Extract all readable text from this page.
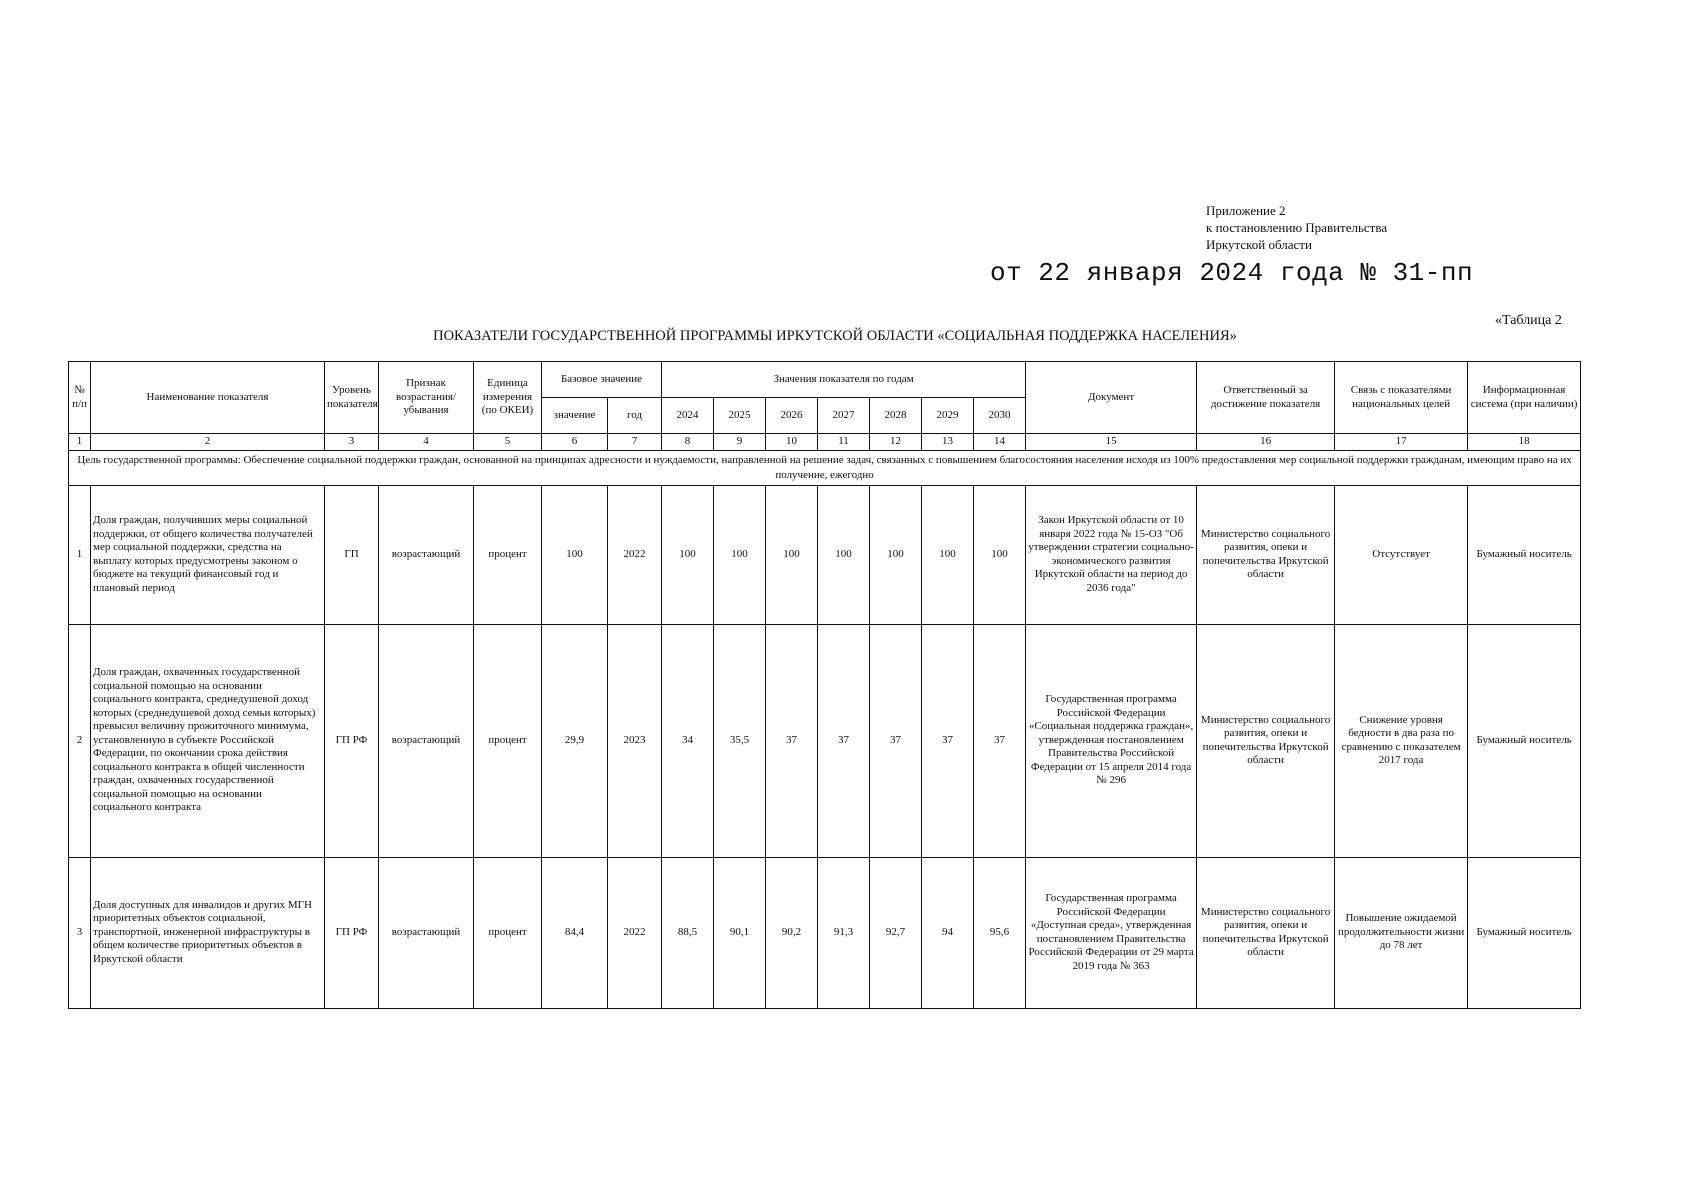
Приложение 2
к постановлению Правительства
Иркутской области
от 22 января 2024 года № 31-пп
«Таблица 2
ПОКАЗАТЕЛИ ГОСУДАРСТВЕННОЙ ПРОГРАММЫ ИРКУТСКОЙ ОБЛАСТИ «СОЦИАЛЬНАЯ ПОДДЕРЖКА НАСЕЛЕНИЯ»
№ п/п	Наименование показателя	Уровень показателя	Признак возрастания/убывания	Единица измерения (по ОКЕИ)	Базовое значение		Значения показателя по годам							Документ	Ответственный за достижение показателя	Связь с показателями национальных целей	Информационная система (при наличии)
					значение	год	2024	2025	2026	2027	2028	2029	2030				
1	2	3	4	5	6	7	8	9	10	11	12	13	14	15	16	17	18
Цель государственной программы: Обеспечение социальной поддержки граждан, основанной на принципах адресности и нуждаемости, направленной на решение задач, связанных с повышением благосостояния населения исходя из 100% предоставления мер социальной поддержки гражданам, имеющим право на их получение, ежегодно																	
1	Доля граждан, получивших меры социальной поддержки, от общего количества получателей мер социальной поддержки, средства на выплату которых предусмотрены законом о бюджете на текущий финансовый год и плановый период	ГП	возрастающий	процент	100	2022	100	100	100	100	100	100	100	Закон Иркутской области от 10 января 2022 года № 15-ОЗ "Об утверждении стратегии социально-экономического развития Иркутской области на период до 2036 года"	Министерство социального развития, опеки и попечительства Иркутской области	Отсутствует	Бумажный носитель
2	Доля граждан, охваченных государственной социальной помощью на основании социального контракта, среднедушевой доход которых (среднедушевой доход семьи которых) превысил величину прожиточного минимума, установленную в субъекте Российской Федерации, по окончании срока действия социального контракта в общей численности граждан, охваченных государственной социальной помощью на основании социального контракта	ГП РФ	возрастающий	процент	29,9	2023	34	35,5	37	37	37	37	37	Государственная программа Российской Федерации «Социальная поддержка граждан», утвержденная постановлением Правительства Российской Федерации от 15 апреля 2014 года № 296	Министерство социального развития, опеки и попечительства Иркутской области	Снижение уровня бедности в два раза по сравнению с показателем 2017 года	Бумажный носитель
3	Доля доступных для инвалидов и других МГН приоритетных объектов социальной, транспортной, инженерной инфраструктуры в общем количестве приоритетных объектов в Иркутской области	ГП РФ	возрастающий	процент	84,4	2022	88,5	90,1	90,2	91,3	92,7	94	95,6	Государственная программа Российской Федерации «Доступная среда», утвержденная постановлением Правительства Российской Федерации от 29 марта 2019 года № 363	Министерство социального развития, опеки и попечительства Иркутской области	Повышение ожидаемой продолжительности жизни до 78 лет	Бумажный носитель
